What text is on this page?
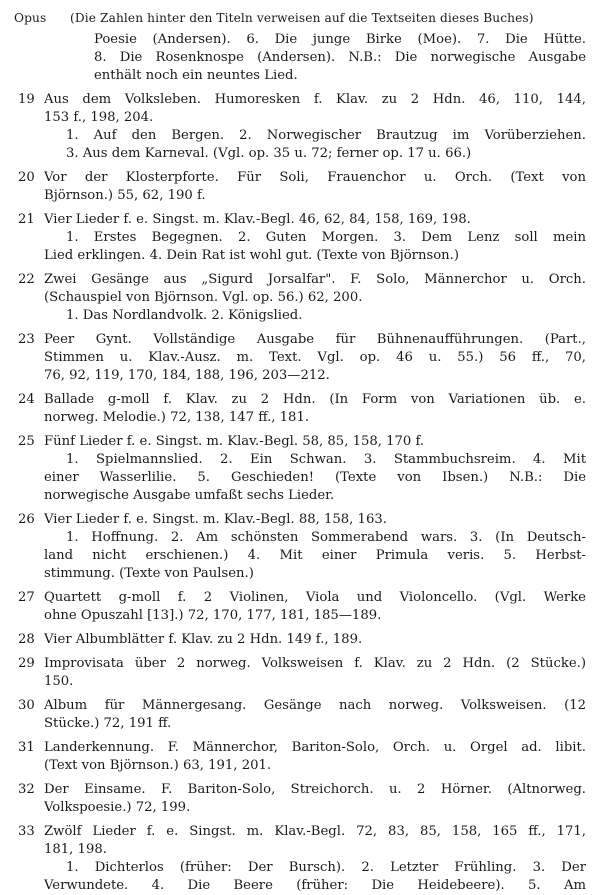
Opus	(Die Zahlen hinter den Titeln verweisen auf die Textseiten dieses Buches)
Poesie (Andersen). 6. Die junge Birke (Moe). 7. Die Hütte.
8. Die Rosenknospe (Andersen). N.B.: Die norwegische Ausgabe
enthält noch ein neuntes Lied.
19 Aus dem Volksleben. Humoresken f. Klav. zu 2 Hdn. 46, 110, 144,
153 f., 198, 204.
1. Auf den Bergen. 2. Norwegischer Brautzug im Vorüberziehen.
3. Aus dem Karneval. (Vgl. op. 35 u. 72; ferner op. 17 u. 66.)
20 Vor der Klosterpforte. Für Soli, Frauenchor u. Orch. (Text von
Björnson.) 55, 62, 190 f.
21 Vier Lieder f. e. Singst. m. Klav.-Begl. 46, 62, 84, 158, 169, 198.
1. Erstes Begegnen. 2. Guten Morgen. 3. Dem Lenz soll mein
Lied erklingen. 4. Dein Rat ist wohl gut. (Texte von Björnson.)
22 Zwei Gesänge aus „Sigurd Jorsalfar". F. Solo, Männerchor u. Orch.
(Schauspiel von Björnson. Vgl. op. 56.) 62, 200.
1. Das Nordlandvolk. 2. Königslied.
23 Peer Gynt. Vollständige Ausgabe für Bühnenaufführungen. (Part.,
Stimmen u. Klav.-Ausz. m. Text. Vgl. op. 46 u. 55.) 56 ff., 70,
76, 92, 119, 170, 184, 188, 196, 203—212.
24 Ballade g-moll f. Klav. zu 2 Hdn. (In Form von Variationen üb. e.
norweg. Melodie.) 72, 138, 147 ff., 181.
25 Fünf Lieder f. e. Singst. m. Klav.-Begl. 58, 85, 158, 170 f.
1. Spielmannslied. 2. Ein Schwan. 3. Stammbuchsreim. 4. Mit
einer Wasserlilie. 5. Geschieden! (Texte von Ibsen.) N.B.: Die
norwegische Ausgabe umfaßt sechs Lieder.
26 Vier Lieder f. e. Singst. m. Klav.-Begl. 88, 158, 163.
1. Hoffnung. 2. Am schönsten Sommerabend wars. 3. (In Deutsch-
land nicht erschienen.) 4. Mit einer Primula veris. 5. Herbst-
stimmung. (Texte von Paulsen.)
27 Quartett g-moll f. 2 Violinen, Viola und Violoncello. (Vgl. Werke
ohne Opuszahl [13].) 72, 170, 177, 181, 185—189.
28 Vier Albumblätter f. Klav. zu 2 Hdn. 149 f., 189.
29 Improvisata über 2 norweg. Volksweisen f. Klav. zu 2 Hdn. (2 Stücke.)
150.
30 Album für Männergesang. Gesänge nach norweg. Volksweisen. (12
Stücke.) 72, 191 ff.
31 Landerkennung. F. Männerchor, Bariton-Solo, Orch. u. Orgel ad. libit.
(Text von Björnson.) 63, 191, 201.
32 Der Einsame. F. Bariton-Solo, Streichorch. u. 2 Hörner. (Altnorweg.
Volkspoesie.) 72, 199.
33 Zwölf Lieder f. e. Singst. m. Klav.-Begl. 72, 83, 85, 158, 165 ff., 171,
181, 198.
1. Dichterlos (früher: Der Bursch). 2. Letzter Frühling. 3. Der
Verwundete. 4. Die Beere (früher: Die Heidebeere). 5. Am
